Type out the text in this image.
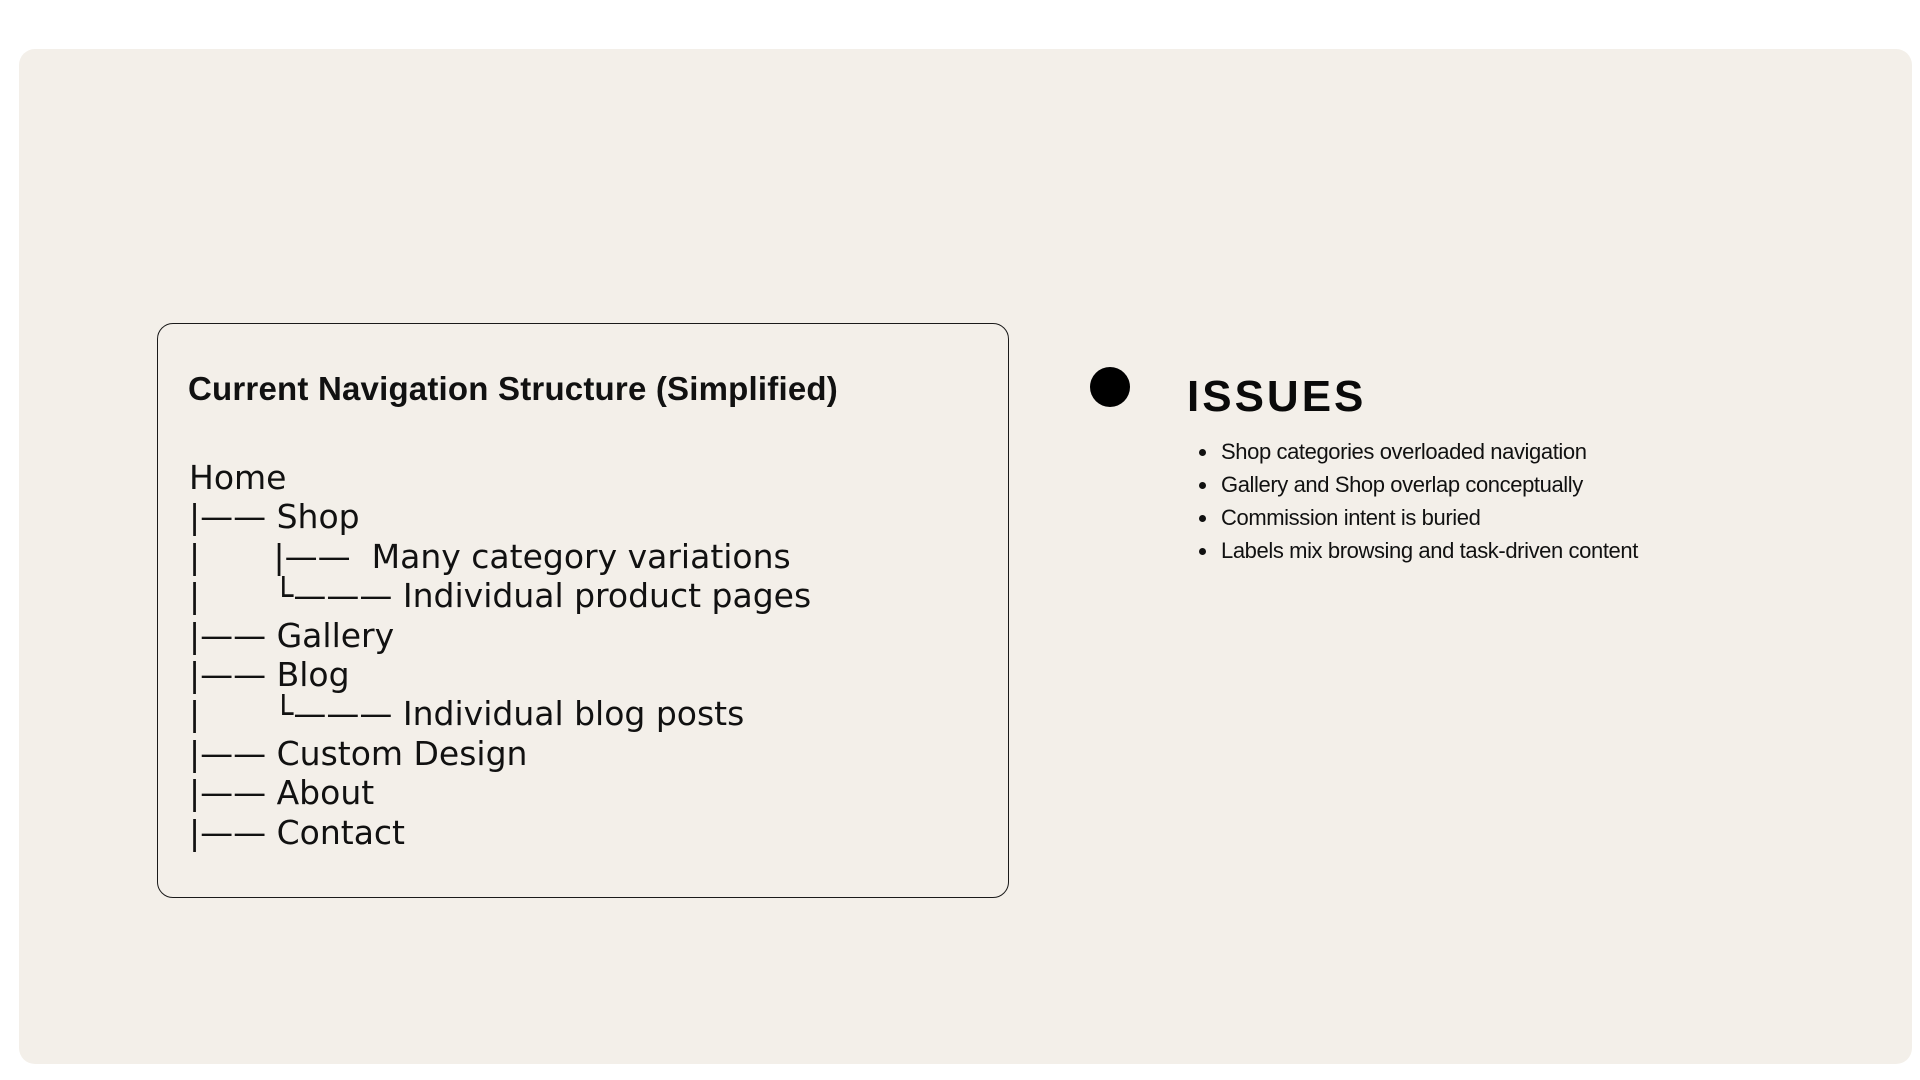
Current Navigation Structure (Simplified)
Home
|—— Shop
|       |——  Many category variations
|       └——— Individual product pages
|—— Gallery
|—— Blog
|       └——— Individual blog posts
|—— Custom Design
|—— About
|—— Contact
ISSUES
Shop categories overloaded navigation
Gallery and Shop overlap conceptually
Commission intent is buried
Labels mix browsing and task-driven content
